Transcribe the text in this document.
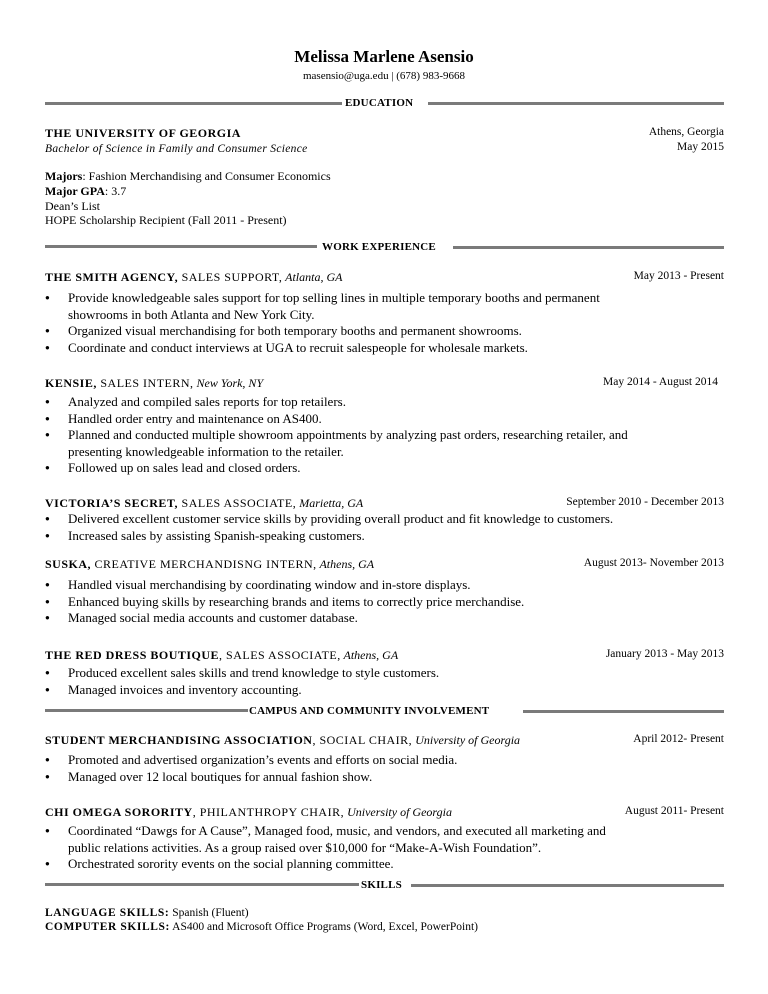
Melissa Marlene Asensio
masensio@uga.edu | (678) 983-9668
EDUCATION
THE UNIVERSITY OF GEORGIA	Athens, Georgia
Bachelor of Science in Family and Consumer Science	May 2015
Majors: Fashion Merchandising and Consumer Economics
Major GPA: 3.7
Dean’s List
HOPE Scholarship Recipient (Fall 2011 - Present)
WORK EXPERIENCE
THE SMITH AGENCY, SALES SUPPORT, Atlanta, GA	May 2013 - Present
● Provide knowledgeable sales support for top selling lines in multiple temporary booths and permanent
showrooms in both Atlanta and New York City.
● Organized visual merchandising for both temporary booths and permanent showrooms.
● Coordinate and conduct interviews at UGA to recruit salespeople for wholesale markets.
KENSIE, SALES INTERN, New York, NY	May 2014 - August 2014
● Analyzed and compiled sales reports for top retailers.
● Handled order entry and maintenance on AS400.
● Planned and conducted multiple showroom appointments by analyzing past orders, researching retailer, and
presenting knowledgeable information to the retailer.
● Followed up on sales lead and closed orders.
VICTORIA’S SECRET, SALES ASSOCIATE, Marietta, GA	September 2010 - December 2013
● Delivered excellent customer service skills by providing overall product and fit knowledge to customers.
● Increased sales by assisting Spanish-speaking customers.
SUSKA, CREATIVE MERCHANDISNG INTERN, Athens, GA	August 2013- November 2013
● Handled visual merchandising by coordinating window and in-store displays.
● Enhanced buying skills by researching brands and items to correctly price merchandise.
● Managed social media accounts and customer database.
THE RED DRESS BOUTIQUE, SALES ASSOCIATE, Athens, GA	January 2013 - May 2013
● Produced excellent sales skills and trend knowledge to style customers.
● Managed invoices and inventory accounting.
CAMPUS AND COMMUNITY INVOLVEMENT
STUDENT MERCHANDISING ASSOCIATION, SOCIAL CHAIR, University of Georgia	April 2012- Present
● Promoted and advertised organization’s events and efforts on social media.
● Managed over 12 local boutiques for annual fashion show.
CHI OMEGA SORORITY, PHILANTHROPY CHAIR, University of Georgia	August 2011- Present
● Coordinated “Dawgs for A Cause”, Managed food, music, and vendors, and executed all marketing and
public relations activities. As a group raised over $10,000 for “Make-A-Wish Foundation”.
● Orchestrated sorority events on the social planning committee.
SKILLS
LANGUAGE SKILLS: Spanish (Fluent)
COMPUTER SKILLS: AS400 and Microsoft Office Programs (Word, Excel, PowerPoint)
